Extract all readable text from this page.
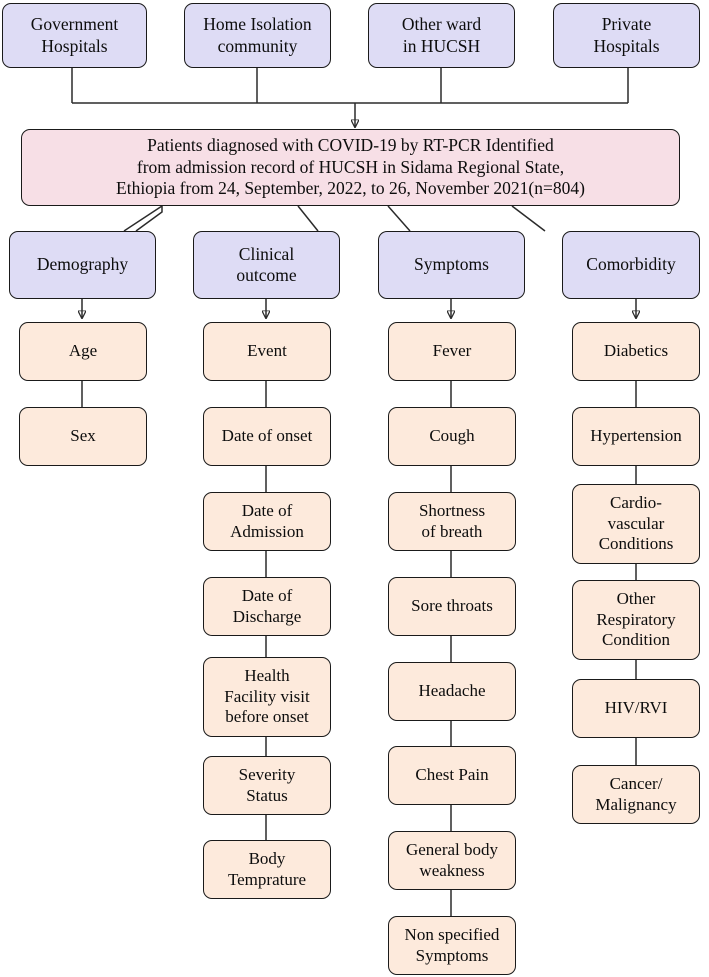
Government
Hospitals
Home Isolation
community
Other ward
in HUCSH
Private
Hospitals
Patients diagnosed with COVID-19 by RT-PCR Identified
from admission record of HUCSH in Sidama Regional State,
Ethiopia from 24, September, 2022, to 26, November 2021(n=804)
Demography
Clinical
outcome
Symptoms	Comorbidity
Age
Sex
Event
Date of onset
Date of
Admission
Date of
Discharge
Health
Facility visit
before onset
Severity
Status
Body
Temprature
Fever
Cough
Shortness
of breath
Sore throats
Headache
Chest Pain
General body
weakness
Non specified
Symptoms
Diabetics
Hypertension
Cardio-
vascular
Conditions
Other
Respiratory
Condition
HIV/RVI
Cancer/
Malignancy
